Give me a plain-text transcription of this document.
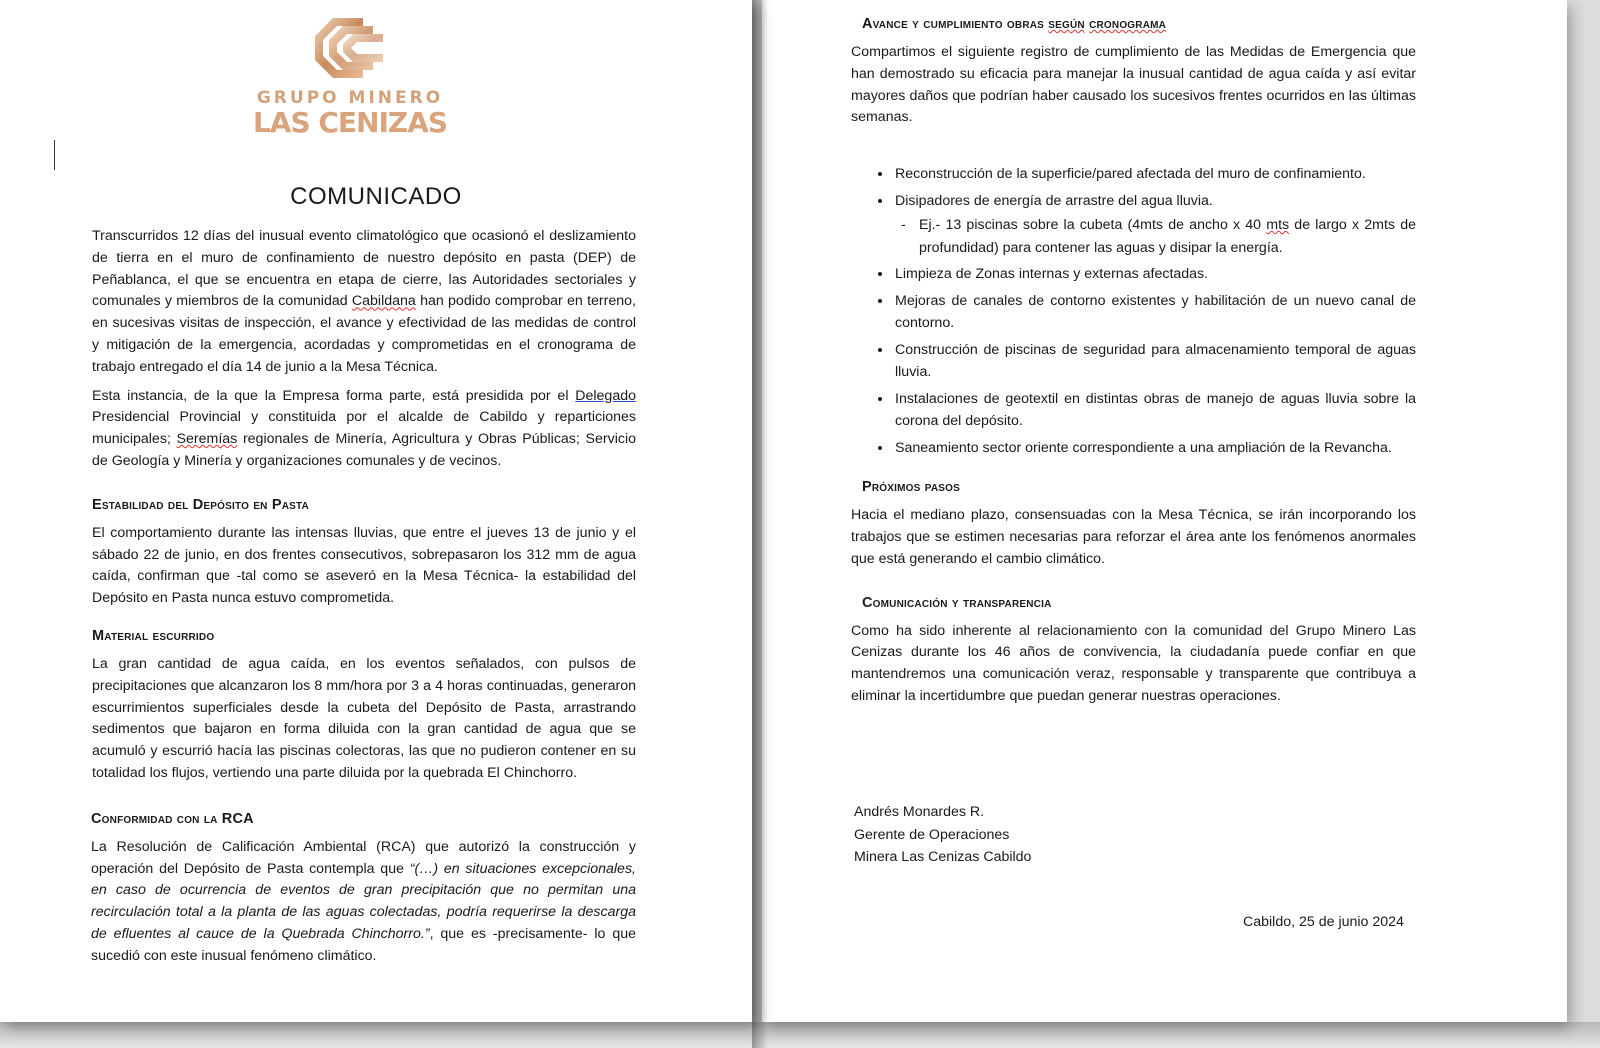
GRUPO MINERO
LAS CENIZAS
COMUNICADO

Transcurridos 12 días del inusual evento climatológico que ocasionó el deslizamiento de tierra en el muro de confinamiento de nuestro depósito en pasta (DEP) de Peñablanca, el que se encuentra en etapa de cierre, las Autoridades sectoriales y comunales y miembros de la comunidad Cabildana han podido comprobar en terreno, en sucesivas visitas de inspección, el avance y efectividad de las medidas de control y mitigación de la emergencia, acordadas y comprometidas en el cronograma de trabajo entregado el día 14 de junio a la Mesa Técnica.

Esta instancia, de la que la Empresa forma parte, está presidida por el Delegado Presidencial Provincial y constituida por el alcalde de Cabildo y reparticiones municipales; Seremías regionales de Minería, Agricultura y Obras Públicas; Servicio de Geología y Minería y organizaciones comunales y de vecinos.

Estabilidad del Depósito en Pasta

El comportamiento durante las intensas lluvias, que entre el jueves 13 de junio y el sábado 22 de junio, en dos frentes consecutivos, sobrepasaron los 312 mm de agua caída, confirman que -tal como se aseveró en la Mesa Técnica- la estabilidad del Depósito en Pasta nunca estuvo comprometida.

Material escurrido

La gran cantidad de agua caída, en los eventos señalados, con pulsos de precipitaciones que alcanzaron los 8 mm/hora por 3 a 4 horas continuadas, generaron escurrimientos superficiales desde la cubeta del Depósito de Pasta, arrastrando sedimentos que bajaron en forma diluida con la gran cantidad de agua que se acumuló y escurrió hacía las piscinas colectoras, las que no pudieron contener en su totalidad los flujos, vertiendo una parte diluida por la quebrada El Chinchorro.

Conformidad con la RCA

La Resolución de Calificación Ambiental (RCA) que autorizó la construcción y operación del Depósito de Pasta contempla que “(…) en situaciones excepcionales, en caso de ocurrencia de eventos de gran precipitación que no permitan una recirculación total a la planta de las aguas colectadas, podría requerirse la descarga de efluentes al cauce de la Quebrada Chinchorro.”, que es -precisamente- lo que sucedió con este inusual fenómeno climático.

Avance y cumplimiento obras según cronograma

Compartimos el siguiente registro de cumplimiento de las Medidas de Emergencia que han demostrado su eficacia para manejar la inusual cantidad de agua caída y así evitar mayores daños que podrían haber causado los sucesivos frentes ocurridos en las últimas semanas.

• Reconstrucción de la superficie/pared afectada del muro de confinamiento.
• Disipadores de energía de arrastre del agua lluvia.
- Ej.- 13 piscinas sobre la cubeta (4mts de ancho x 40 mts de largo x 2mts de profundidad) para contener las aguas y disipar la energía.
• Limpieza de Zonas internas y externas afectadas.
• Mejoras de canales de contorno existentes y habilitación de un nuevo canal de contorno.
• Construcción de piscinas de seguridad para almacenamiento temporal de aguas lluvia.
• Instalaciones de geotextil en distintas obras de manejo de aguas lluvia sobre la corona del depósito.
• Saneamiento sector oriente correspondiente a una ampliación de la Revancha.
Próximos pasos

Hacia el mediano plazo, consensuadas con la Mesa Técnica, se irán incorporando los trabajos que se estimen necesarias para reforzar el área ante los fenómenos anormales que está generando el cambio climático.

Comunicación y transparencia

Como ha sido inherente al relacionamiento con la comunidad del Grupo Minero Las Cenizas durante los 46 años de convivencia, la ciudadanía puede confiar en que mantendremos una comunicación veraz, responsable y transparente que contribuya a eliminar la incertidumbre que puedan generar nuestras operaciones.

Andrés Monardes R.
Gerente de Operaciones
Minera Las Cenizas Cabildo
Cabildo, 25 de junio 2024
